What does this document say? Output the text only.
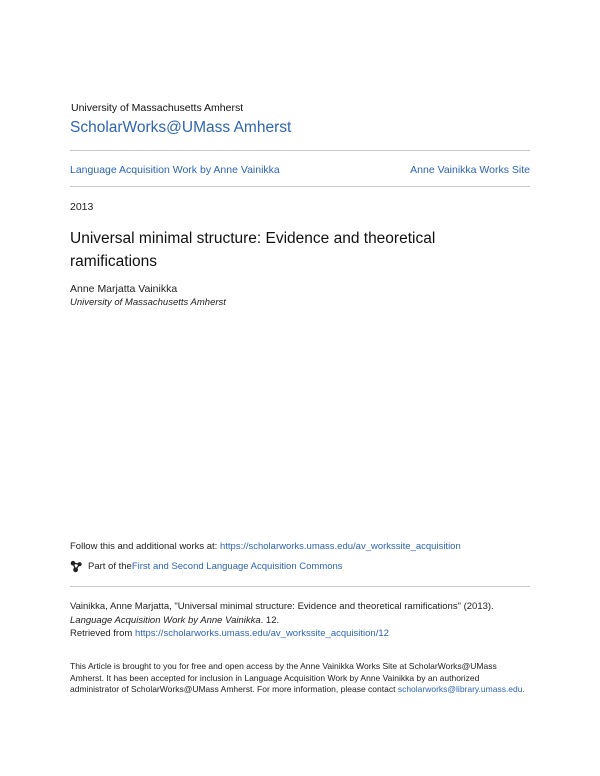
University of Massachusetts Amherst
ScholarWorks@UMass Amherst
Language Acquisition Work by Anne Vainikka	Anne Vainikka Works Site
2013
Universal minimal structure: Evidence and theoretical ramifications
Anne Marjatta Vainikka
University of Massachusetts Amherst
Follow this and additional works at: https://scholarworks.umass.edu/av_workssite_acquisition
Part of the First and Second Language Acquisition Commons
Vainikka, Anne Marjatta, "Universal minimal structure: Evidence and theoretical ramifications" (2013).
Language Acquisition Work by Anne Vainikka. 12.
Retrieved from https://scholarworks.umass.edu/av_workssite_acquisition/12
This Article is brought to you for free and open access by the Anne Vainikka Works Site at ScholarWorks@UMass Amherst. It has been accepted for inclusion in Language Acquisition Work by Anne Vainikka by an authorized administrator of ScholarWorks@UMass Amherst. For more information, please contact scholarworks@library.umass.edu.
